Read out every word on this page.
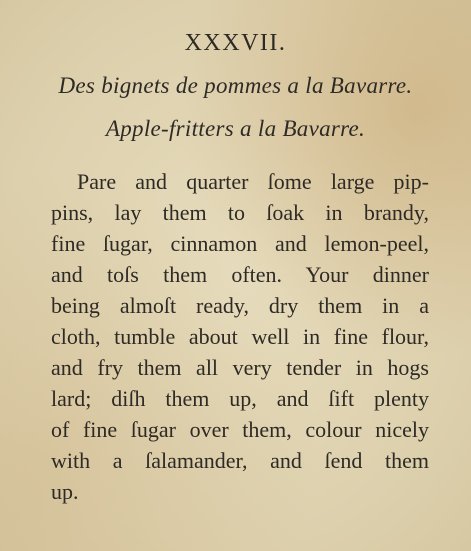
XXXVII.
Des bignets de pommes a la Bavarre.
Apple-fritters a la Bavarre.
Pare and quarter ſome large pip-
pins, lay them to ſoak in brandy,
fine ſugar, cinnamon and lemon-peel,
and toſs them often. Your dinner
being almoſt ready, dry them in a
cloth, tumble about well in fine flour,
and fry them all very tender in hogs
lard; diſh them up, and ſift plenty
of fine ſugar over them, colour nicely
with a ſalamander, and ſend them
up.
